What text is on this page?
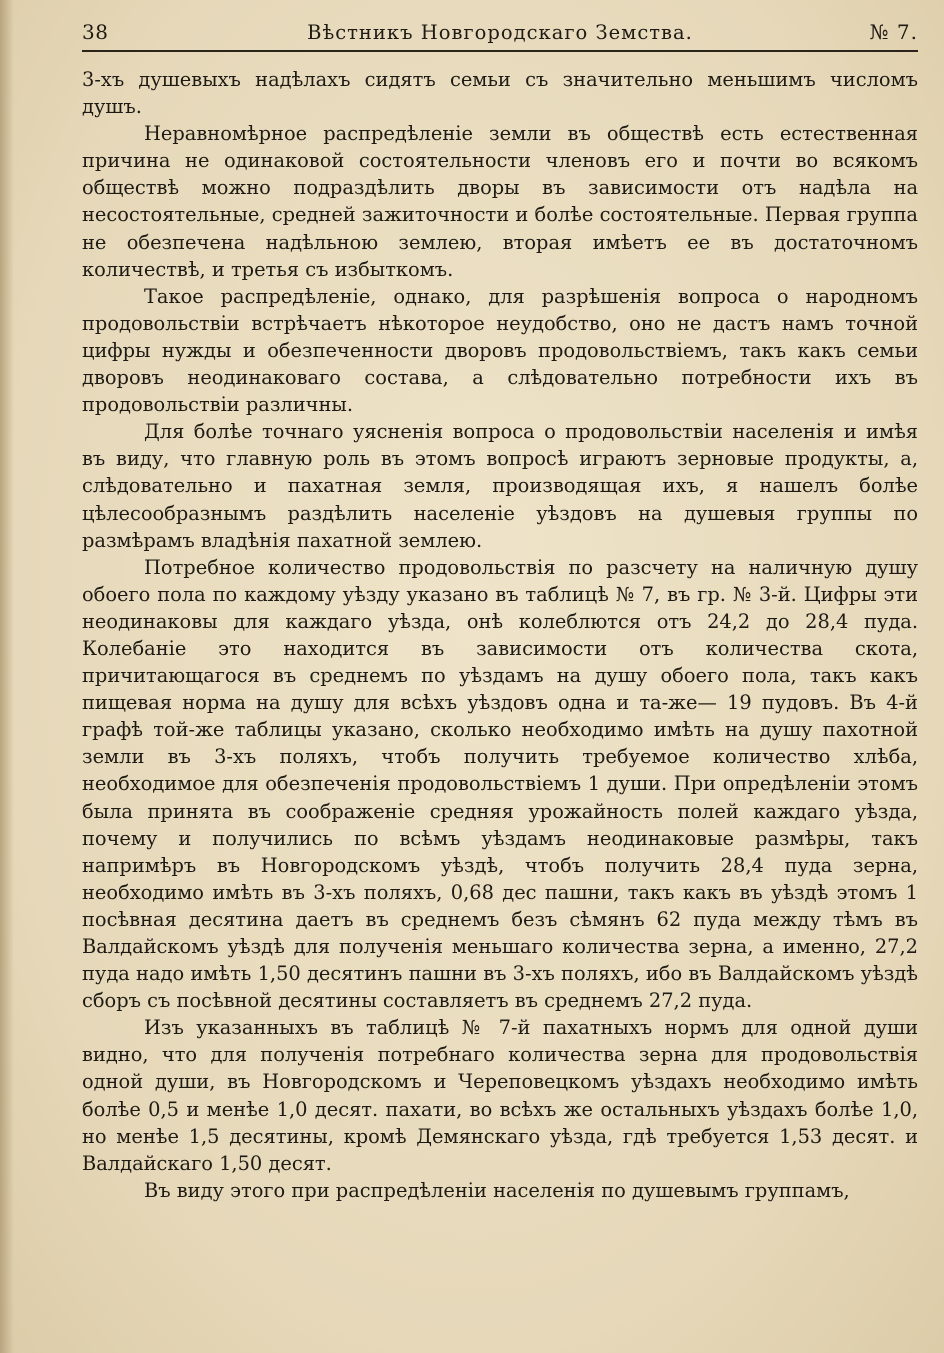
38	Вѣстникъ Новгородскаго Земства.	№ 7.

3-хъ душевыхъ надѣлахъ сидятъ семьи съ значительно меньшимъ числомъ душъ.

Неравномѣрное распредѣленіе земли въ обществѣ есть естественная причина не одинаковой состоятельности членовъ его и почти во всякомъ обществѣ можно подраздѣлить дворы въ зависимости отъ надѣла на несостоятельные, средней зажиточности и болѣе состоятельные. Первая группа не обезпечена надѣльною землею, вторая имѣетъ ее въ достаточномъ количествѣ, и третья съ избыткомъ.

Такое распредѣленіе, однако, для разрѣшенія вопроса о народномъ продовольствіи встрѣчаетъ нѣкоторое неудобство, оно не дастъ намъ точной цифры нужды и обезпеченности дворовъ продовольствіемъ, такъ какъ семьи дворовъ неодинаковаго состава, а слѣдовательно потребности ихъ въ продовольствіи различны.

Для болѣе точнаго уясненія вопроса о продовольствіи населенія и имѣя въ виду, что главную роль въ этомъ вопросѣ играютъ зерновые продукты, а, слѣдовательно и пахатная земля, производящая ихъ, я нашелъ болѣе цѣлесообразнымъ раздѣлить населеніе уѣздовъ на душевыя группы по размѣрамъ владѣнія пахатной землею.

Потребное количество продовольствія по разсчету на наличную душу обоего пола по каждому уѣзду указано въ таблицѣ № 7, въ гр. № 3-й. Цифры эти неодинаковы для каждаго уѣзда, онѣ колеблются отъ 24,2 до 28,4 пуда. Колебаніе это находится въ зависимости отъ количества скота, причитающагося въ среднемъ по уѣздамъ на душу обоего пола, такъ какъ пищевая норма на душу для всѣхъ уѣздовъ одна и та-же— 19 пудовъ. Въ 4-й графѣ той-же таблицы указано, сколько необходимо имѣть на душу пахотной земли въ 3-хъ поляхъ, чтобъ получить требуемое количество хлѣба, необходимое для обезпеченія продовольствіемъ 1 души. При опредѣленіи этомъ была принята въ соображеніе средняя урожайность полей каждаго уѣзда, почему и получились по всѣмъ уѣздамъ неодинаковые размѣры, такъ напримѣръ въ Новгородскомъ уѣздѣ, чтобъ получить 28,4 пуда зерна, необходимо имѣть въ 3-хъ поляхъ, 0,68 дес пашни, такъ какъ въ уѣздѣ этомъ 1 посѣвная десятина даетъ въ среднемъ безъ сѣмянъ 62 пуда между тѣмъ въ Валдайскомъ уѣздѣ для полученія меньшаго количества зерна, а именно, 27,2 пуда надо имѣть 1,50 десятинъ пашни въ 3-хъ поляхъ, ибо въ Валдайскомъ уѣздѣ сборъ съ посѣвной десятины составляетъ въ среднемъ 27,2 пуда.

Изъ указанныхъ въ таблицѣ № 7-й пахатныхъ нормъ для одной души видно, что для полученія потребнаго количества зерна для продовольствія одной души, въ Новгородскомъ и Череповецкомъ уѣздахъ необходимо имѣть болѣе 0,5 и менѣе 1,0 десят. пахати, во всѣхъ же остальныхъ уѣздахъ болѣе 1,0, но менѣе 1,5 десятины, кромѣ Демянскаго уѣзда, гдѣ требуется 1,53 десят. и Валдайскаго 1,50 десят.

Въ виду этого при распредѣленіи населенія по душевымъ группамъ,
